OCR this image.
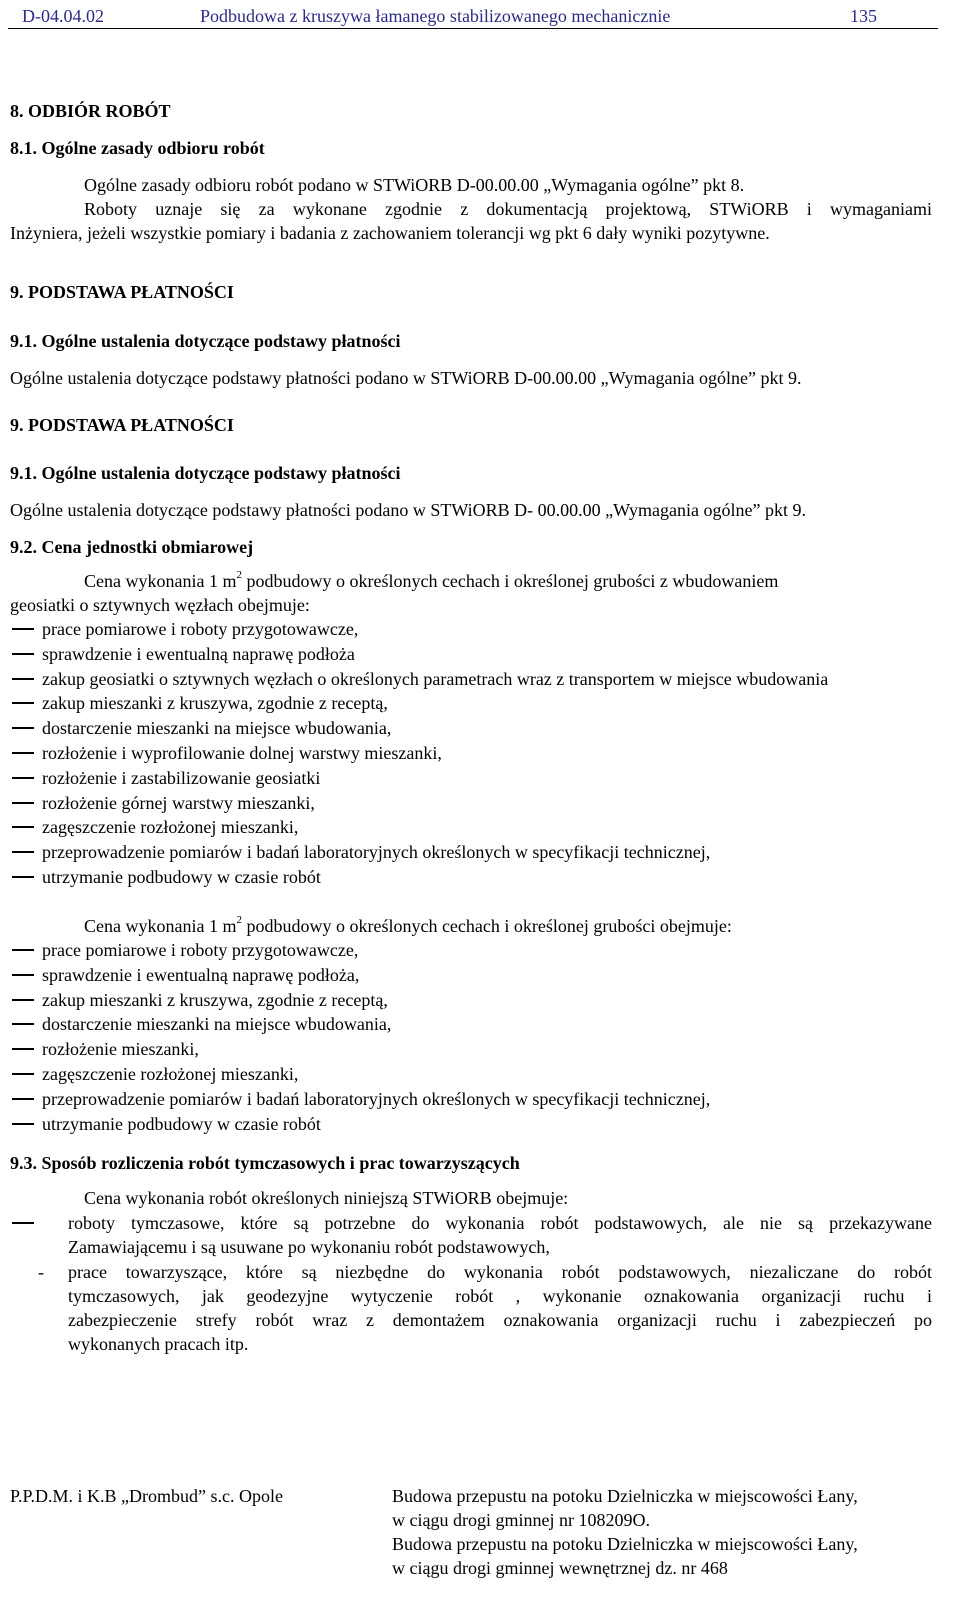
D-04.04.02	Podbudowa z kruszywa łamanego stabilizowanego mechanicznie	135
8. ODBIÓR ROBÓT
8.1. Ogólne zasady odbioru robót
Ogólne zasady odbioru robót podano w STWiORB D-00.00.00 „Wymagania ogólne” pkt 8.
Roboty uznaje się za wykonane zgodnie z dokumentacją projektową, STWiORB i wymaganiami
Inżyniera, jeżeli wszystkie pomiary i badania z zachowaniem tolerancji wg pkt 6 dały wyniki pozytywne.
9. PODSTAWA PŁATNOŚCI
9.1. Ogólne ustalenia dotyczące podstawy płatności
Ogólne ustalenia dotyczące podstawy płatności podano w STWiORB D-00.00.00 „Wymagania ogólne” pkt 9.
9. PODSTAWA PŁATNOŚCI
9.1. Ogólne ustalenia dotyczące podstawy płatności
Ogólne ustalenia dotyczące podstawy płatności podano w STWiORB D- 00.00.00 „Wymagania ogólne” pkt 9.
9.2. Cena jednostki obmiarowej
Cena wykonania 1 $m^2$ podbudowy o określonych cechach i określonej grubości z wbudowaniem
geosiatki o sztywnych węzłach obejmuje:
prace pomiarowe i roboty przygotowawcze,
sprawdzenie i ewentualną naprawę podłoża
zakup geosiatki o sztywnych węzłach o określonych parametrach wraz z transportem w miejsce wbudowania
zakup mieszanki z kruszywa, zgodnie z receptą,
dostarczenie mieszanki na miejsce wbudowania,
rozłożenie i wyprofilowanie dolnej warstwy mieszanki,
rozłożenie i zastabilizowanie geosiatki
rozłożenie górnej warstwy mieszanki,
zagęszczenie rozłożonej mieszanki,
przeprowadzenie pomiarów i badań laboratoryjnych określonych w specyfikacji technicznej,
utrzymanie podbudowy w czasie robót
Cena wykonania 1 $m^2$ podbudowy o określonych cechach i określonej grubości obejmuje:
prace pomiarowe i roboty przygotowawcze,
sprawdzenie i ewentualną naprawę podłoża,
zakup mieszanki z kruszywa, zgodnie z receptą,
dostarczenie mieszanki na miejsce wbudowania,
rozłożenie mieszanki,
zagęszczenie rozłożonej mieszanki,
przeprowadzenie pomiarów i badań laboratoryjnych określonych w specyfikacji technicznej,
utrzymanie podbudowy w czasie robót
9.3. Sposób rozliczenia robót tymczasowych i prac towarzyszących
Cena wykonania robót określonych niniejszą STWiORB obejmuje:
roboty tymczasowe, które są potrzebne do wykonania robót podstawowych, ale nie są przekazywane
Zamawiającemu i są usuwane po wykonaniu robót podstawowych,
- prace towarzyszące, które są niezbędne do wykonania robót podstawowych, niezaliczane do robót
tymczasowych, jak geodezyjne wytyczenie robót , wykonanie oznakowania organizacji ruchu i
zabezpieczenie strefy robót wraz z demontażem oznakowania organizacji ruchu i zabezpieczeń po
wykonanych pracach itp.
P.P.D.M. i K.B „Drombud” s.c. Opole	Budowa przepustu na potoku Dzielniczka w miejscowości Łany,
w ciągu drogi gminnej nr 108209O.
Budowa przepustu na potoku Dzielniczka w miejscowości Łany,
w ciągu drogi gminnej wewnętrznej dz. nr 468
